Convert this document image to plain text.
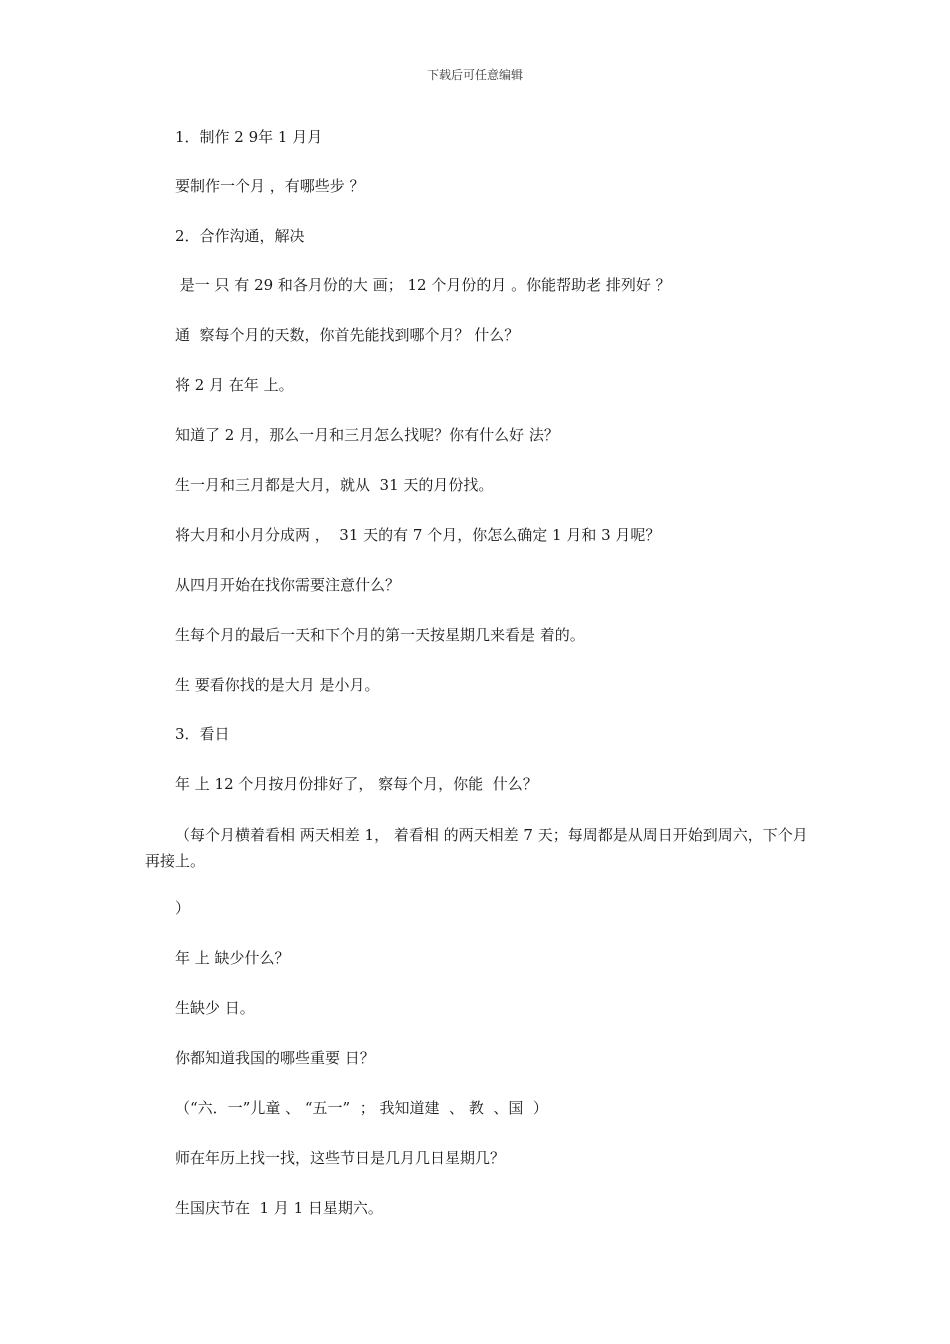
下载后可任意编辑
1．制作 2 9年 1 月月
要制作一个月 ，有哪些步 ？
2．合作沟通，解决
是一 只 有 29 和各月份的大 画； 12 个月份的月 。你能帮助老 排列好 ？
通  察每个月的天数，你首先能找到哪个月？ 什么？
将 2 月 在年 上。
知道了 2 月，那么一月和三月怎么找呢？你有什么好 法？
生一月和三月都是大月，就从  31 天的月份找。
将大月和小月分成两 ，  31 天的有 7 个月，你怎么确定 1 月和 3 月呢？
从四月开始在找你需要注意什么？
生每个月的最后一天和下个月的第一天按星期几来看是 着的。
生 要看你找的是大月 是小月。
3．看日
年 上 12 个月按月份排好了， 察每个月，你能  什么？
（每个月横着看相 两天相差 1， 着看相 的两天相差 7 天；每周都是从周日开始到周六，下个月再接上。
）
年 上 缺少什么？
生缺少 日。
你都知道我国的哪些重要 日？
（“六．一”儿童 、 “五一”  ； 我知道建  、 教  、国  ）
师在年历上找一找，这些节日是几月几日星期几？
生国庆节在  1 月 1 日星期六。
